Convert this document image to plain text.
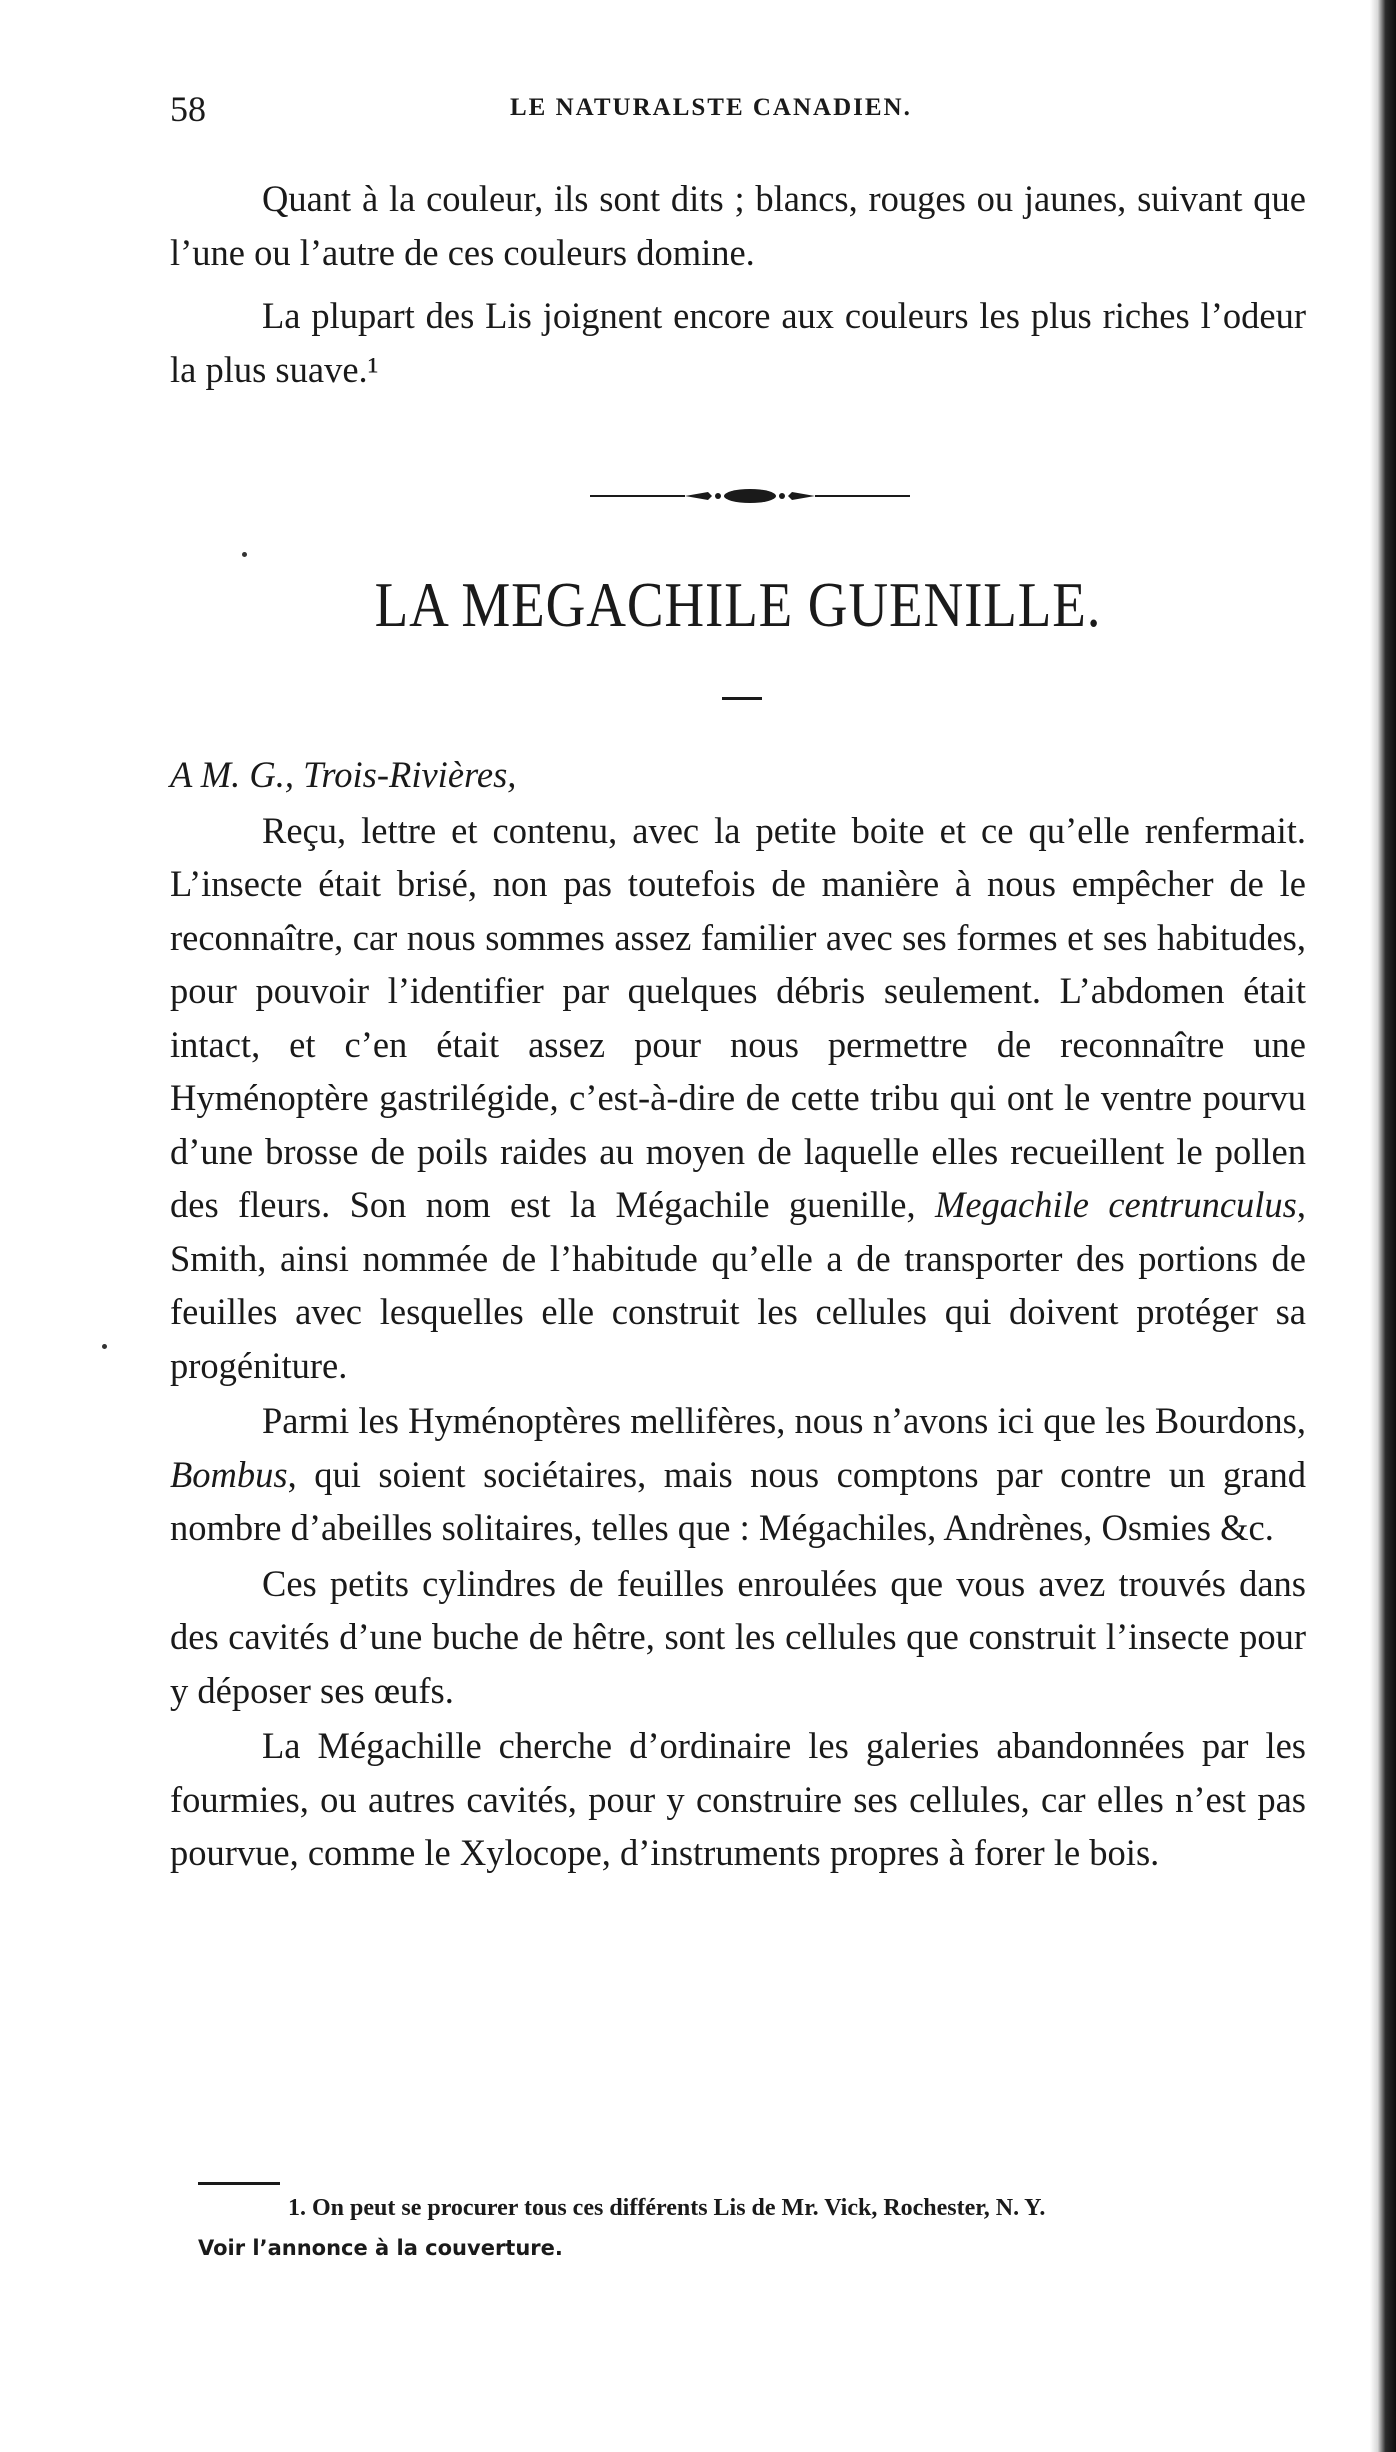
58	LE NATURALSTE CANADIEN.

Quant à la couleur, ils sont dits ; blancs, rouges ou jaunes, suivant que l’une ou l’autre de ces couleurs domine.

La plupart des Lis joignent encore aux couleurs les plus riches l’odeur la plus suave.¹

LA MEGACHILE GUENILLE.

A M. G., Trois-Rivières,

Reçu, lettre et contenu, avec la petite boite et ce qu’elle renfermait. L’insecte était brisé, non pas toutefois de manière à nous empêcher de le reconnaître, car nous sommes assez familier avec ses formes et ses habitudes, pour pouvoir l’identifier par quelques débris seulement. L’abdomen était intact, et c’en était assez pour nous permettre de reconnaître une Hyménoptère gastrilégide, c’est-à-dire de cette tribu qui ont le ventre pourvu d’une brosse de poils raides au moyen de laquelle elles recueillent le pollen des fleurs. Son nom est la Mégachile guenille, Megachile centrunculus, Smith, ainsi nommée de l’habitude qu’elle a de transporter des portions de feuilles avec lesquelles elle construit les cellules qui doivent protéger sa progéniture.

Parmi les Hyménoptères mellifères, nous n’avons ici que les Bourdons, Bombus, qui soient sociétaires, mais nous comptons par contre un grand nombre d’abeilles solitaires, telles que : Mégachiles, Andrènes, Osmies &c.

Ces petits cylindres de feuilles enroulées que vous avez trouvés dans des cavités d’une buche de hêtre, sont les cellules que construit l’insecte pour y déposer ses œufs.

La Mégachille cherche d’ordinaire les galeries abandonnées par les fourmies, ou autres cavités, pour y construire ses cellules, car elles n’est pas pourvue, comme le Xylocope, d’instruments propres à forer le bois.

1. On peut se procurer tous ces différents Lis de Mr. Vick, Rochester, N. Y.
Voir l’annonce à la couverture.
